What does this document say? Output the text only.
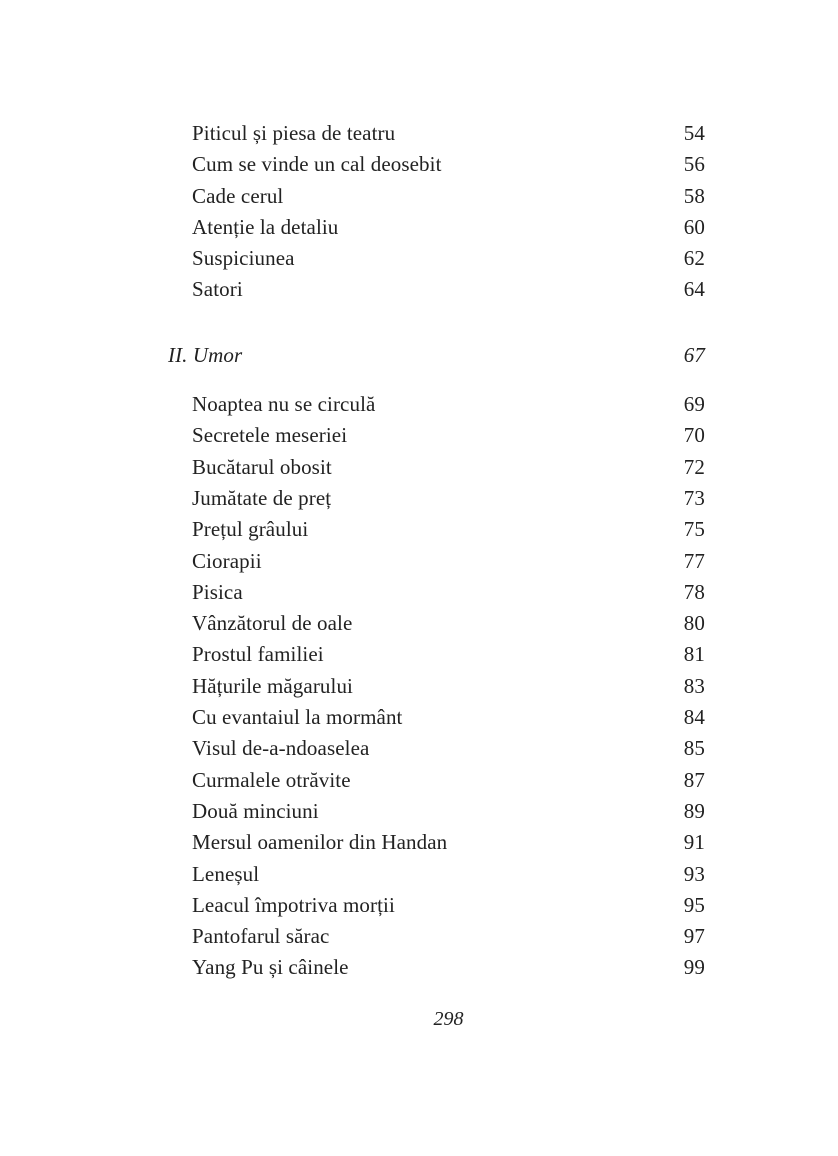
Piticul și piesa de teatru	54
Cum se vinde un cal deosebit	56
Cade cerul	58
Atenție la detaliu	60
Suspiciunea	62
Satori	64
II. Umor	67
Noaptea nu se circulă	69
Secretele meseriei	70
Bucătarul obosit	72
Jumătate de preț	73
Prețul grâului	75
Ciorapii	77
Pisica	78
Vânzătorul de oale	80
Prostul familiei	81
Hățurile măgarului	83
Cu evantaiul la mormânt	84
Visul de-a-ndoaselea	85
Curmalele otrăvite	87
Două minciuni	89
Mersul oamenilor din Handan	91
Leneșul	93
Leacul împotriva morții	95
Pantofarul sărac	97
Yang Pu și câinele	99
298
